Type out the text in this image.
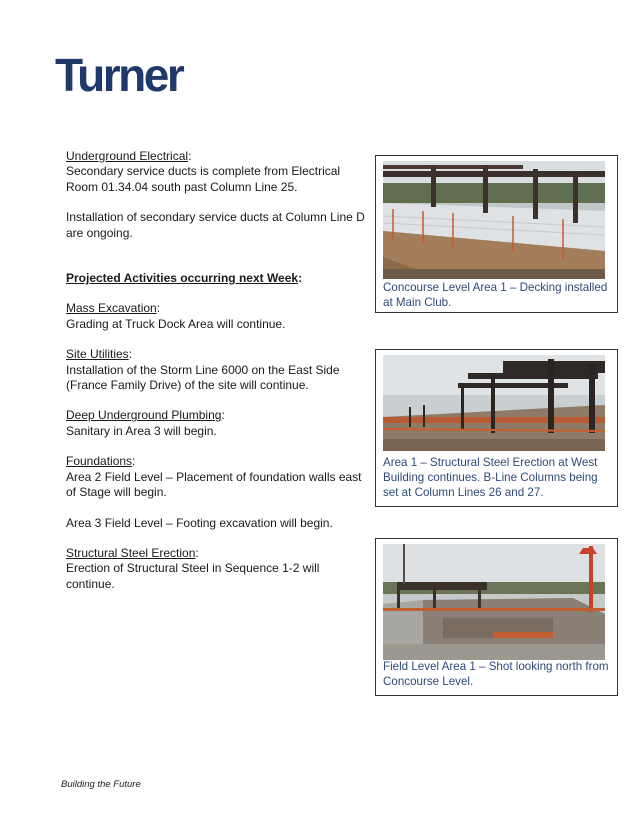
Turner

Underground Electrical:

Secondary service ducts is complete from Electrical Room 01.34.04 south past Column Line 25.

Installation of secondary service ducts at Column Line D are ongoing.

Projected Activities occurring next Week:

Mass Excavation:

Grading at Truck Dock Area will continue.

Site Utilities:

Installation of the Storm Line 6000 on the East Side (France Family Drive) of the site will continue.

Deep Underground Plumbing:

Sanitary in Area 3 will begin.

Foundations:

Area 2 Field Level – Placement of foundation walls east of Stage will begin.

Area 3 Field Level – Footing excavation will begin.

Structural Steel Erection:

Erection of Structural Steel in Sequence 1-2 will continue.

Concourse Level Area 1 – Decking installed at Main Club.
Area 1 – Structural Steel Erection at West Building continues. B-Line Columns being set at Column Lines 26 and 27.
Field Level Area 1 – Shot looking north from Concourse Level.
Building the Future
